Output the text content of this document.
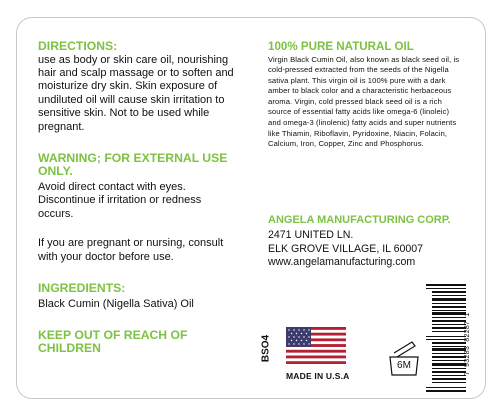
DIRECTIONS:

use as body or skin care oil, nourishing hair and scalp massage or to soften and moisturize dry skin. Skin exposure of undiluted oil will cause skin irritation to sensitive skin. Not to be used while pregnant.

WARNING; FOR EXTERNAL USE ONLY.

Avoid direct contact with eyes. Discontinue if irritation or redness occurs.

If you are pregnant or nursing, consult with your doctor before use.

INGREDIENTS:

Black Cumin (Nigella Sativa) Oil

KEEP OUT OF REACH OF CHILDREN

100% PURE NATURAL OIL

Virgin Black Cumin Oil, also known as black seed oil, is cold-pressed extracted from the seeds of the Nigella sativa plant. This virgin oil is 100% pure with a dark amber to black color and a characteristic herbaceous aroma. Virgin, cold pressed black seed oil is a rich source of essential fatty acids like omega-6 (linoleic) and omega-3 (linolenic) fatty acids and super nutrients like Thiamin, Riboflavin, Pyridoxine, Niacin, Folacin, Calcium, Iron, Copper, Zinc and Phosphorus.

ANGELA MANUFACTURING CORP.

2471 UNITED LN.

ELK GROVE VILLAGE, IL 60007

www.angelamanufacturing.com

BSO4
MADE IN U.S.A
6M	7 93283 82287 1
